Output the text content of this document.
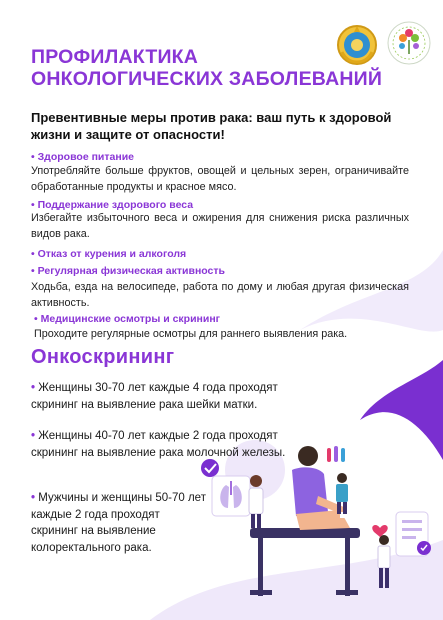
ПРОФИЛАКТИКА
ОНКОЛОГИЧЕСКИХ ЗАБОЛЕВАНИЙ
Превентивные меры против рака: ваш путь к здоровой жизни и защите от опасности!
• Здоровое питание
Употребляйте больше фруктов, овощей и цельных зерен, ограничивайте обработанные продукты и красное мясо.
• Поддержание здорового веса
Избегайте избыточного веса и ожирения для снижения риска различных видов рака.
• Отказ от курения и алкоголя
• Регулярная физическая активность
Ходьба, езда на велосипеде, работа по дому и любая другая физическая активность.
• Медицинские осмотры и скрининг
Проходите регулярные осмотры для раннего выявления рака.
Онкоскрининг
• Женщины 30-70 лет каждые 4 года проходят скрининг на выявление рака шейки матки.
• Женщины 40-70 лет каждые 2 года проходят скрининг на выявление рака молочной железы.
• Мужчины и женщины 50-70 лет каждые 2 года проходят скрининг на выявление колоректального рака.
